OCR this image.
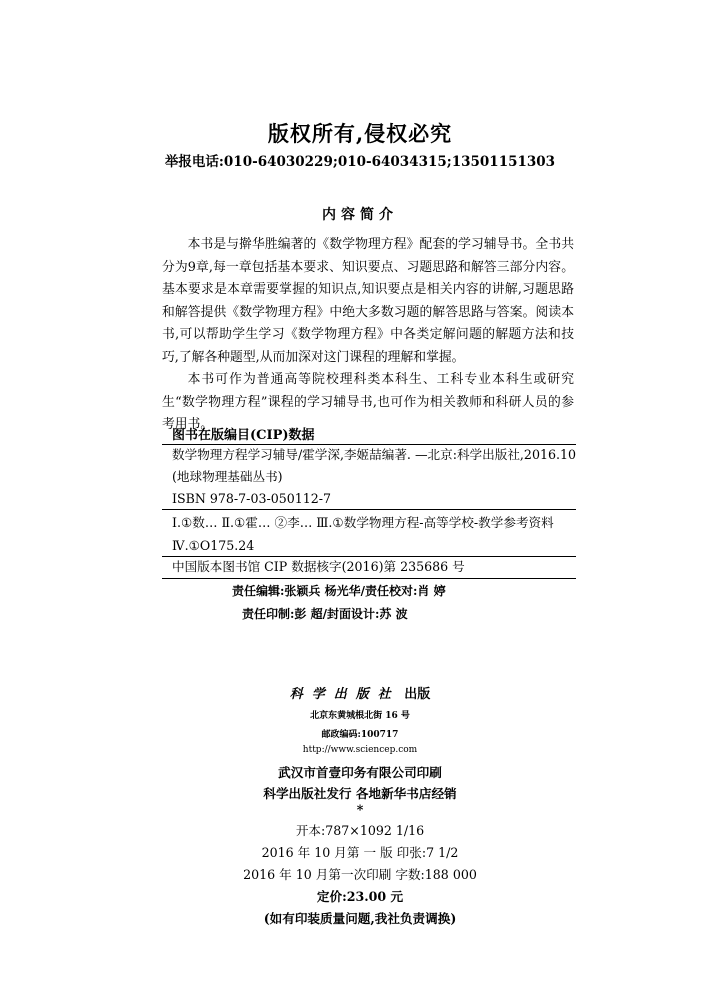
版权所有,侵权必究
举报电话:010-64030229;010-64034315;13501151303
内容简介

本书是与擀华胜编著的《数学物理方程》配套的学习辅导书。全书共分为9章,每一章包括基本要求、知识要点、习题思路和解答三部分内容。基本要求是本章需要掌握的知识点,知识要点是相关内容的讲解,习题思路和解答提供《数学物理方程》中绝大多数习题的解答思路与答案。阅读本书,可以帮助学生学习《数学物理方程》中各类定解问题的解题方法和技巧,了解各种题型,从而加深对这门课程的理解和掌握。

本书可作为普通高等院校理科类本科生、工科专业本科生或研究生“数学物理方程”课程的学习辅导书,也可作为相关教师和科研人员的参考用书。

图书在版编目(CIP)数据
数学物理方程学习辅导/霍学深,李姬喆编著. —北京:科学出版社,2016.10
(地球物理基础丛书)
ISBN 978-7-03-050112-7
Ⅰ.①数… Ⅱ.①霍… ②李… Ⅲ.①数学物理方程-高等学校-教学参考资料 Ⅳ.①O175.24
中国版本图书馆 CIP 数据核字(2016)第 235686 号
责任编辑:张颖兵 杨光华/责任校对:肖 婷
责任印制:彭 超/封面设计:苏 波
科学出版社 出版
北京东黄城根北街 16 号
邮政编码:100717
http://www.sciencep.com
武汉市首壹印务有限公司印刷
科学出版社发行 各地新华书店经销
*
开本:787×1092 1/16
2016 年 10 月第 一 版 印张:7 1/2
2016 年 10 月第一次印刷 字数:188 000
定价:23.00 元
(如有印装质量问题,我社负责调换)
